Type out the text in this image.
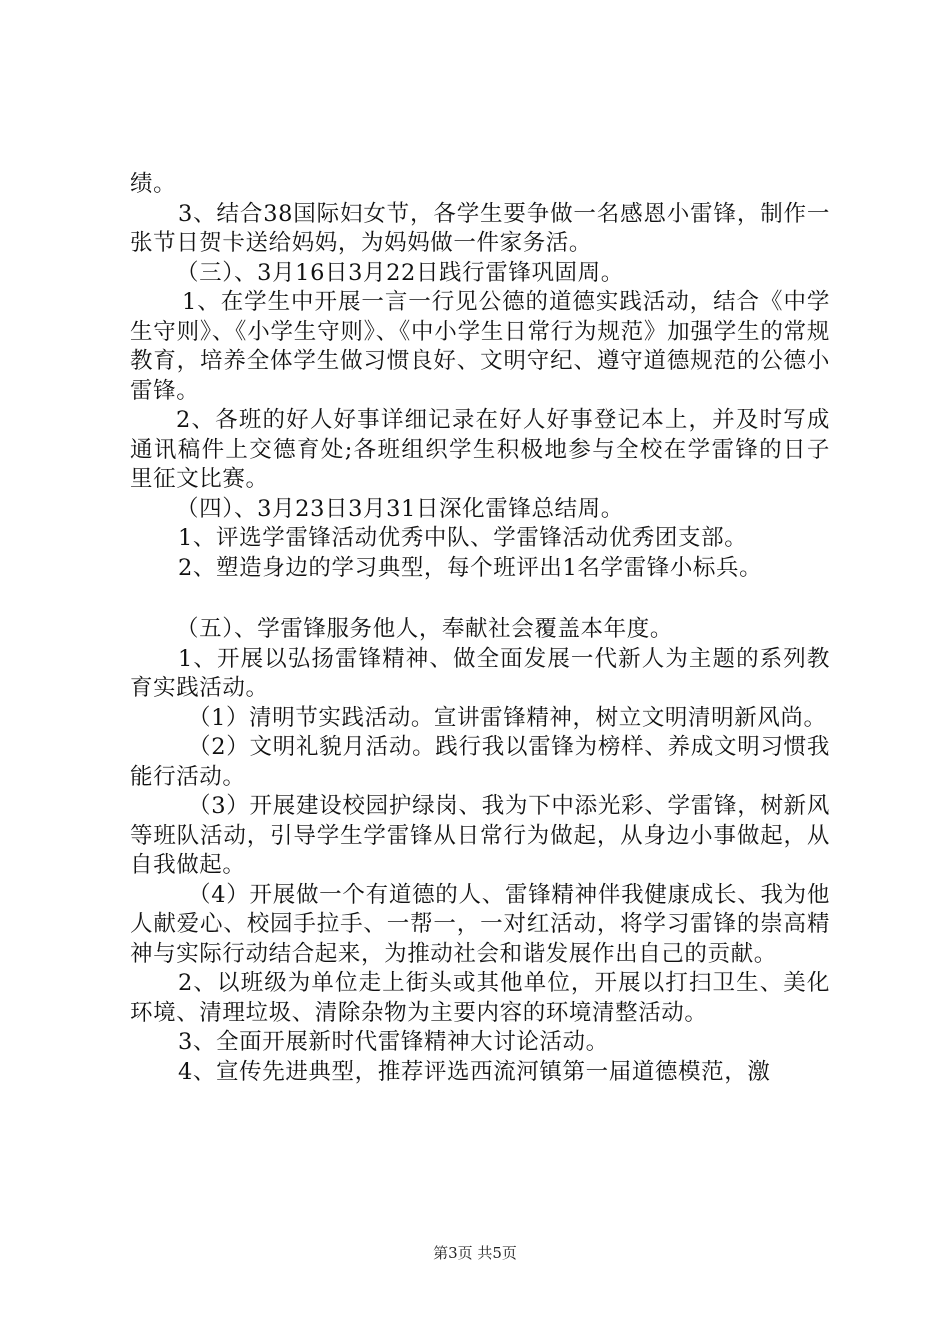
绩。

3、结合38国际妇女节，各学生要争做一名感恩小雷锋，制作一张节日贺卡送给妈妈，为妈妈做一件家务活。

（三）、3月16日3月22日践行雷锋巩固周。

1、在学生中开展一言一行见公德的道德实践活动，结合《中学生守则》、《小学生守则》、《中小学生日常行为规范》加强学生的常规教育，培养全体学生做习惯良好、文明守纪、遵守道德规范的公德小雷锋。

2、各班的好人好事详细记录在好人好事登记本上，并及时写成通讯稿件上交德育处;各班组织学生积极地参与全校在学雷锋的日子里征文比赛。

（四）、3月23日3月31日深化雷锋总结周。

1、评选学雷锋活动优秀中队、学雷锋活动优秀团支部。

2、塑造身边的学习典型，每个班评出1名学雷锋小标兵。

（五）、学雷锋服务他人，奉献社会覆盖本年度。

1、开展以弘扬雷锋精神、做全面发展一代新人为主题的系列教育实践活动。

（1）清明节实践活动。宣讲雷锋精神，树立文明清明新风尚。

（2）文明礼貌月活动。践行我以雷锋为榜样、养成文明习惯我能行活动。

（3）开展建设校园护绿岗、我为下中添光彩、学雷锋，树新风等班队活动，引导学生学雷锋从日常行为做起，从身边小事做起，从自我做起。

（4）开展做一个有道德的人、雷锋精神伴我健康成长、我为他人献爱心、校园手拉手、一帮一，一对红活动，将学习雷锋的崇高精神与实际行动结合起来，为推动社会和谐发展作出自己的贡献。

2、以班级为单位走上街头或其他单位，开展以打扫卫生、美化环境、清理垃圾、清除杂物为主要内容的环境清整活动。

3、全面开展新时代雷锋精神大讨论活动。

4、宣传先进典型，推荐评选西流河镇第一届道德模范，激

第3页 共5页
